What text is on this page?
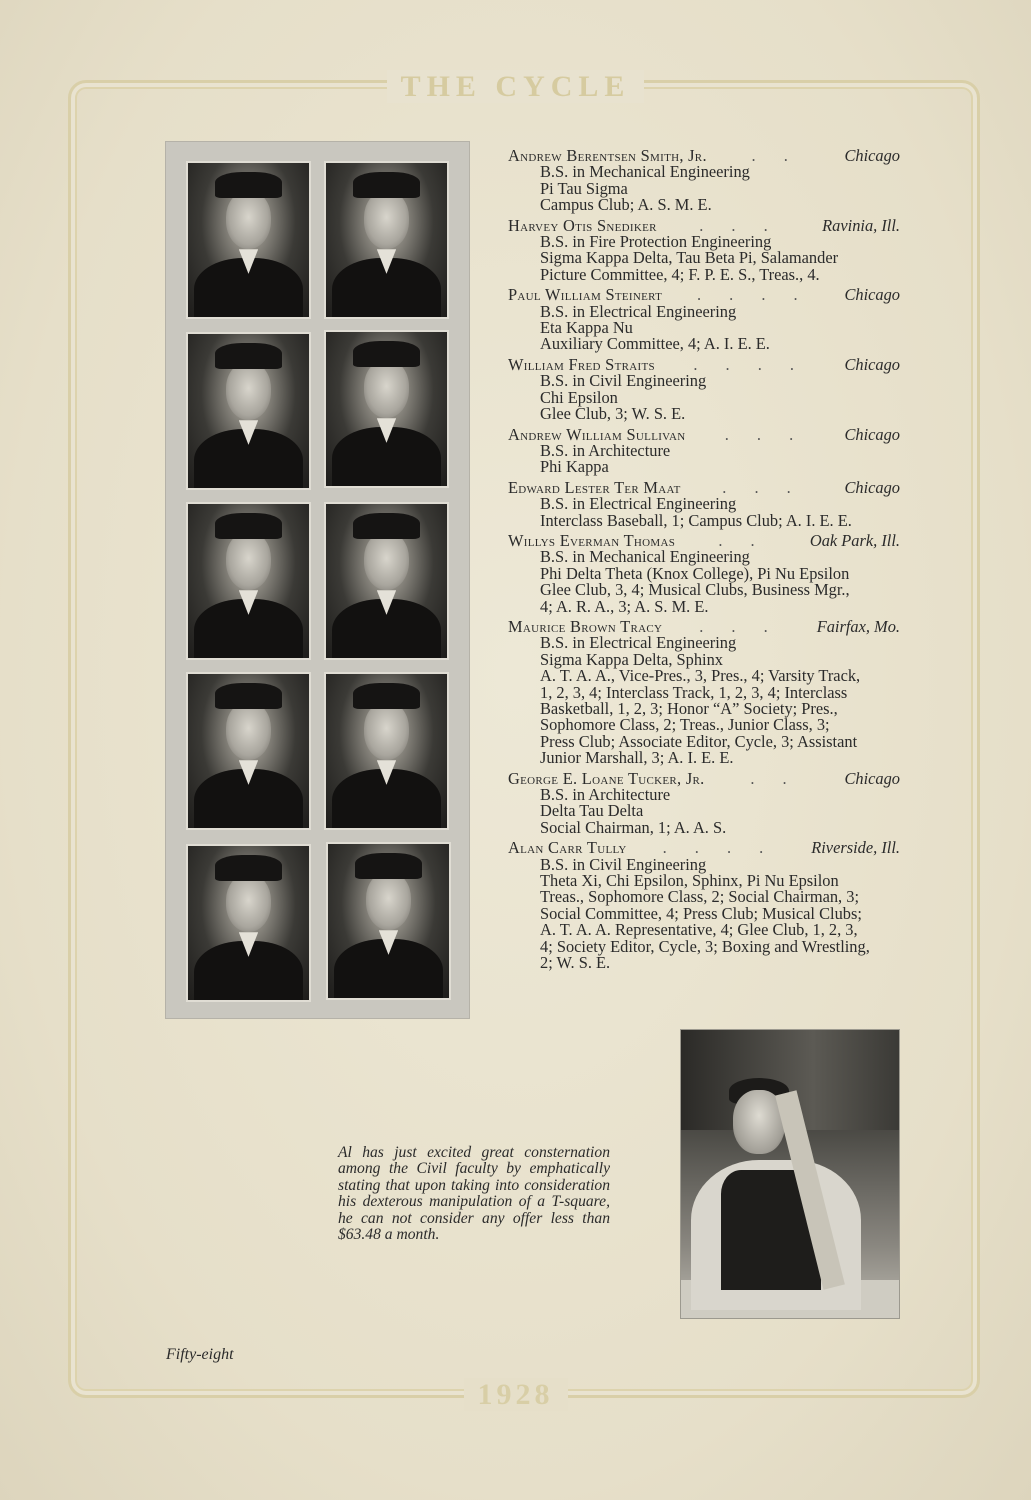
THE CYCLE
Andrew Berentsen Smith, Jr.	. .	Chicago
B.S. in Mechanical Engineering
Pi Tau Sigma
Campus Club; A. S. M. E.
Harvey Otis Snediker	. . .	Ravinia, Ill.
B.S. in Fire Protection Engineering
Sigma Kappa Delta, Tau Beta Pi, Salamander
Picture Committee, 4; F. P. E. S., Treas., 4.
Paul William Steinert	. . . .	Chicago
B.S. in Electrical Engineering
Eta Kappa Nu
Auxiliary Committee, 4; A. I. E. E.
William Fred Straits	. . . .	Chicago
B.S. in Civil Engineering
Chi Epsilon
Glee Club, 3; W. S. E.
Andrew William Sullivan	. . .	Chicago
B.S. in Architecture
Phi Kappa
Edward Lester Ter Maat	. . .	Chicago
B.S. in Electrical Engineering
Interclass Baseball, 1; Campus Club; A. I. E. E.
Willys Everman Thomas	. .	Oak Park, Ill.
B.S. in Mechanical Engineering
Phi Delta Theta (Knox College), Pi Nu Epsilon
Glee Club, 3, 4; Musical Clubs, Business Mgr.,
4; A. R. A., 3; A. S. M. E.
Maurice Brown Tracy	. . .	Fairfax, Mo.
B.S. in Electrical Engineering
Sigma Kappa Delta, Sphinx
A. T. A. A., Vice-Pres., 3, Pres., 4; Varsity Track,
1, 2, 3, 4; Interclass Track, 1, 2, 3, 4; Interclass
Basketball, 1, 2, 3; Honor “A” Society; Pres.,
Sophomore Class, 2; Treas., Junior Class, 3;
Press Club; Associate Editor, Cycle, 3; Assistant
Junior Marshall, 3; A. I. E. E.
George E. Loane Tucker, Jr.	. .	Chicago
B.S. in Architecture
Delta Tau Delta
Social Chairman, 1; A. A. S.
Alan Carr Tully	. . . .	Riverside, Ill.
B.S. in Civil Engineering
Theta Xi, Chi Epsilon, Sphinx, Pi Nu Epsilon
Treas., Sophomore Class, 2; Social Chairman, 3;
Social Committee, 4; Press Club; Musical Clubs;
A. T. A. A. Representative, 4; Glee Club, 1, 2, 3,
4; Society Editor, Cycle, 3; Boxing and Wrestling,
2; W. S. E.
Al has just excited great consternation among the Civil faculty by emphatically stating that upon taking into consideration his dexterous manipulation of a T-square, he can not consider any offer less than $63.48 a month.
Fifty-eight
1928
